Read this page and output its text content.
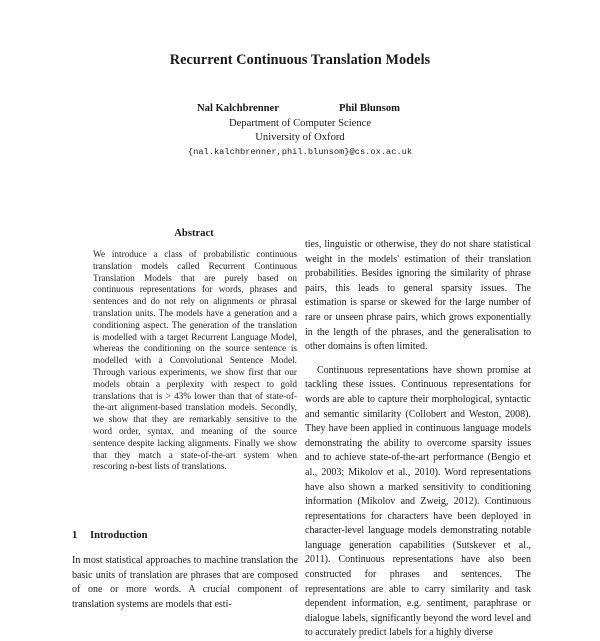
Recurrent Continuous Translation Models
Nal Kalchbrenner	Phil Blunsom
Department of Computer Science
University of Oxford
{nal.kalchbrenner,phil.blunsom}@cs.ox.ac.uk
Abstract
We introduce a class of probabilistic continuous translation models called Recurrent Continuous Translation Models that are purely based on continuous representations for words, phrases and sentences and do not rely on alignments or phrasal translation units. The models have a generation and a conditioning aspect. The generation of the translation is modelled with a target Recurrent Language Model, whereas the conditioning on the source sentence is modelled with a Convolutional Sentence Model. Through various experiments, we show first that our models obtain a perplexity with respect to gold translations that is > 43% lower than that of state-of-the-art alignment-based translation models. Secondly, we show that they are remarkably sensitive to the word order, syntax, and meaning of the source sentence despite lacking alignments. Finally we show that they match a state-of-the-art system when rescoring n-best lists of translations.
1 Introduction

In most statistical approaches to machine translation the basic units of translation are phrases that are composed of one or more words. A crucial component of translation systems are models that esti-

ties, linguistic or otherwise, they do not share statistical weight in the models' estimation of their translation probabilities. Besides ignoring the similarity of phrase pairs, this leads to general sparsity issues. The estimation is sparse or skewed for the large number of rare or unseen phrase pairs, which grows exponentially in the length of the phrases, and the generalisation to other domains is often limited.

Continuous representations have shown promise at tackling these issues. Continuous representations for words are able to capture their morphological, syntactic and semantic similarity (Collobert and Weston, 2008). They have been applied in continuous language models demonstrating the ability to overcome sparsity issues and to achieve state-of-the-art performance (Bengio et al., 2003; Mikolov et al., 2010). Word representations have also shown a marked sensitivity to conditioning information (Mikolov and Zweig, 2012). Continuous representations for characters have been deployed in character-level language models demonstrating notable language generation capabilities (Sutskever et al., 2011). Continuous representations have also been constructed for phrases and sentences. The representations are able to carry similarity and task dependent information, e.g. sentiment, paraphrase or dialogue labels, significantly beyond the word level and to accurately predict labels for a highly diverse
